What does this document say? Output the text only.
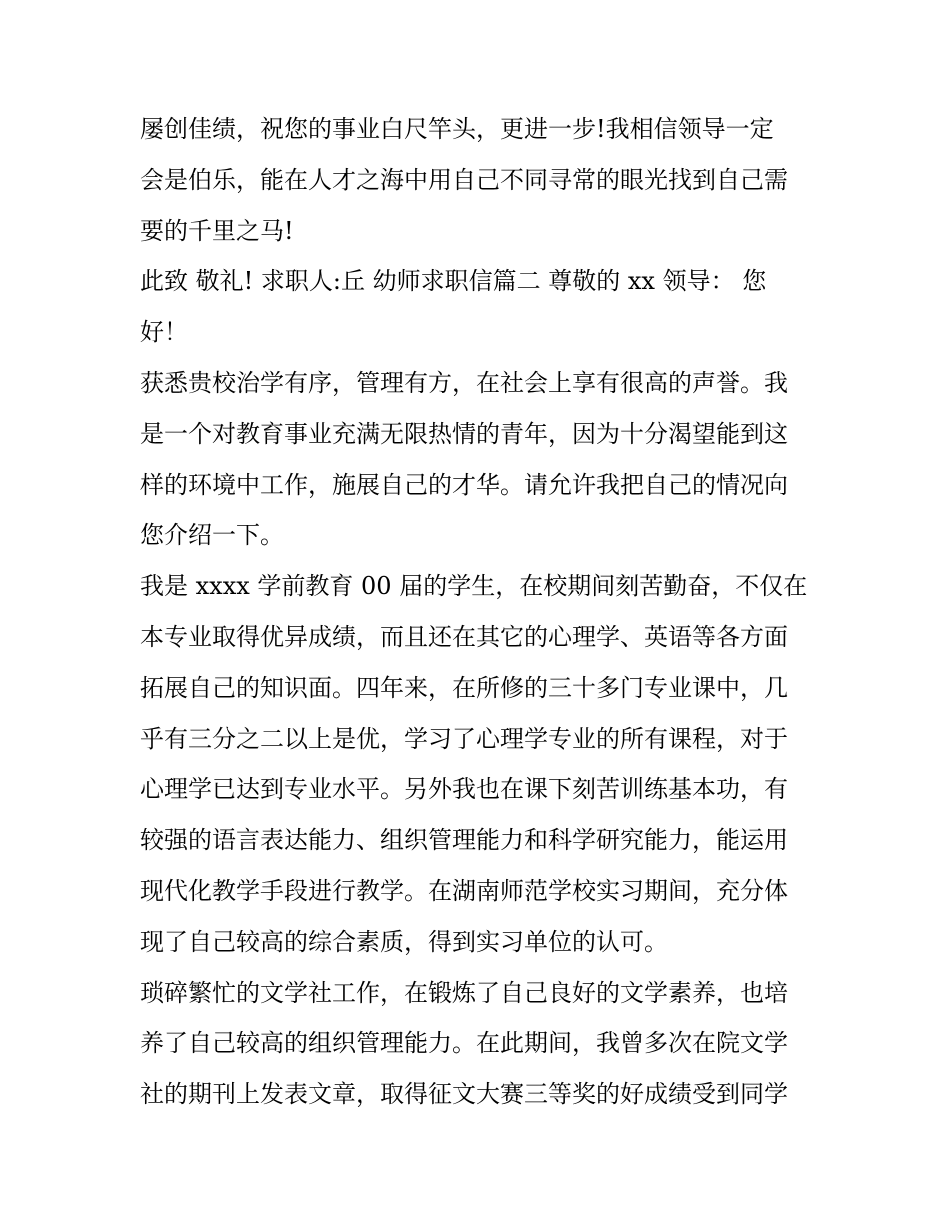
屡创佳绩，祝您的事业白尺竿头，更进一步!我相信领导一定
会是伯乐，能在人才之海中用自己不同寻常的眼光找到自己需
要的千里之马!
此致 敬礼! 求职人:丘 幼师求职信篇二 尊敬的 xx 领导： 您
好！
获悉贵校治学有序，管理有方，在社会上享有很高的声誉。我
是一个对教育事业充满无限热情的青年，因为十分渴望能到这
样的环境中工作，施展自己的才华。请允许我把自己的情况向
您介绍一下。
我是 xxxx 学前教育 00 届的学生，在校期间刻苦勤奋，不仅在
本专业取得优异成绩，而且还在其它的心理学、英语等各方面
拓展自己的知识面。四年来，在所修的三十多门专业课中，几
乎有三分之二以上是优，学习了心理学专业的所有课程，对于
心理学已达到专业水平。另外我也在课下刻苦训练基本功，有
较强的语言表达能力、组织管理能力和科学研究能力，能运用
现代化教学手段进行教学。在湖南师范学校实习期间，充分体
现了自己较高的综合素质，得到实习单位的认可。
琐碎繁忙的文学社工作，在锻炼了自己良好的文学素养，也培
养了自己较高的组织管理能力。在此期间，我曾多次在院文学
社的期刊上发表文章，取得征文大赛三等奖的好成绩受到同学
